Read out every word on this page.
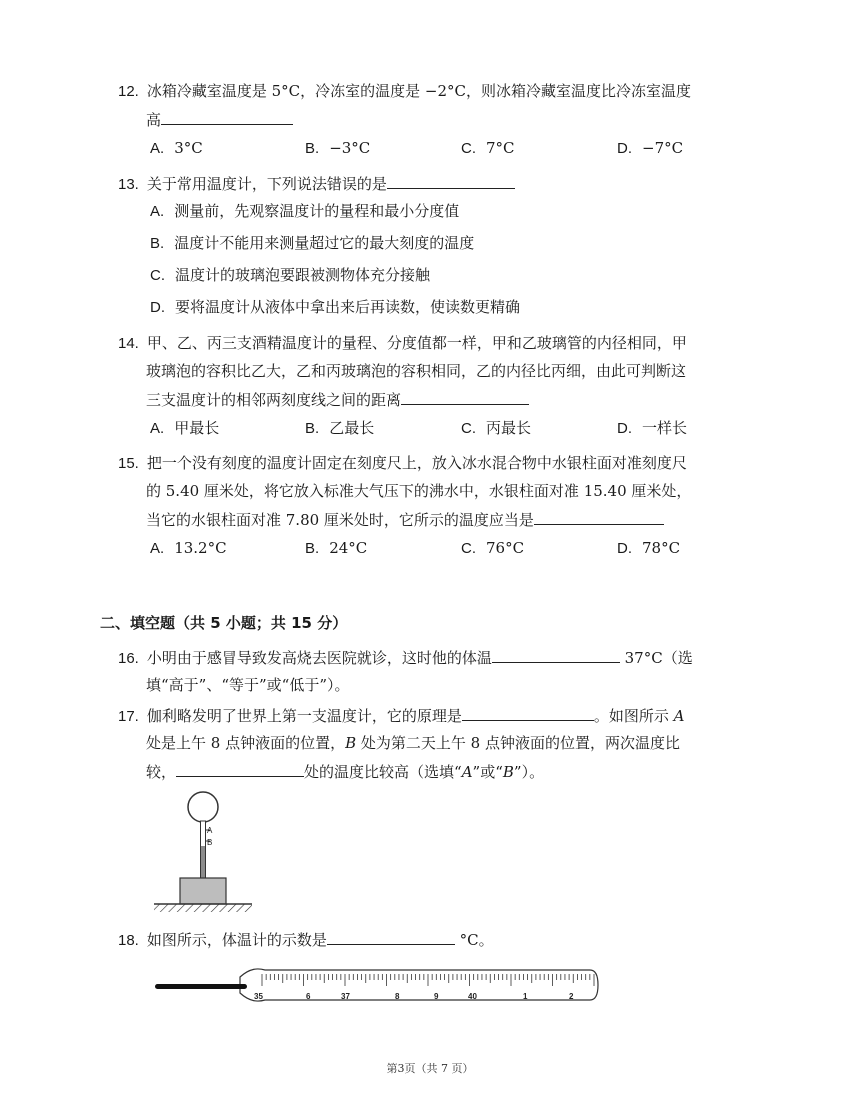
12. 冰箱冷藏室温度是 5°C，冷冻室的温度是 −2°C，则冰箱冷藏室温度比冷冻室温度
高
A. 3°C	B. −3°C	C. 7°C	D. −7°C
13. 关于常用温度计，下列说法错误的是
A. 测量前，先观察温度计的量程和最小分度值
B. 温度计不能用来测量超过它的最大刻度的温度
C. 温度计的玻璃泡要跟被测物体充分接触
D. 要将温度计从液体中拿出来后再读数，使读数更精确
14. 甲、乙、丙三支酒精温度计的量程、分度值都一样，甲和乙玻璃管的内径相同，甲
玻璃泡的容积比乙大，乙和丙玻璃泡的容积相同，乙的内径比丙细，由此可判断这
三支温度计的相邻两刻度线之间的距离
A. 甲最长	B. 乙最长	C. 丙最长	D. 一样长
15. 把一个没有刻度的温度计固定在刻度尺上，放入冰水混合物中水银柱面对准刻度尺
的 5.40 厘米处，将它放入标准大气压下的沸水中，水银柱面对准 15.40 厘米处，
当它的水银柱面对准 7.80 厘米处时，它所示的温度应当是
A. 13.2°C	B. 24°C	C. 76°C	D. 78°C
二、填空题（共 5 小题；共 15 分）
16. 小明由于感冒导致发高烧去医院就诊，这时他的体温	37°C（选
填“高于”、“等于”或“低于”）。
17. 伽利略发明了世界上第一支温度计，它的原理是	。如图所示 A
处是上午 8 点钟液面的位置，B 处为第二天上午 8 点钟液面的位置，两次温度比
较，	处的温度比较高（选填“A”或“B”）。
A
B
18. 如图所示，体温计的示数是	°C。
35	6	37	8	9	40	1	2
第3页（共 7 页）
